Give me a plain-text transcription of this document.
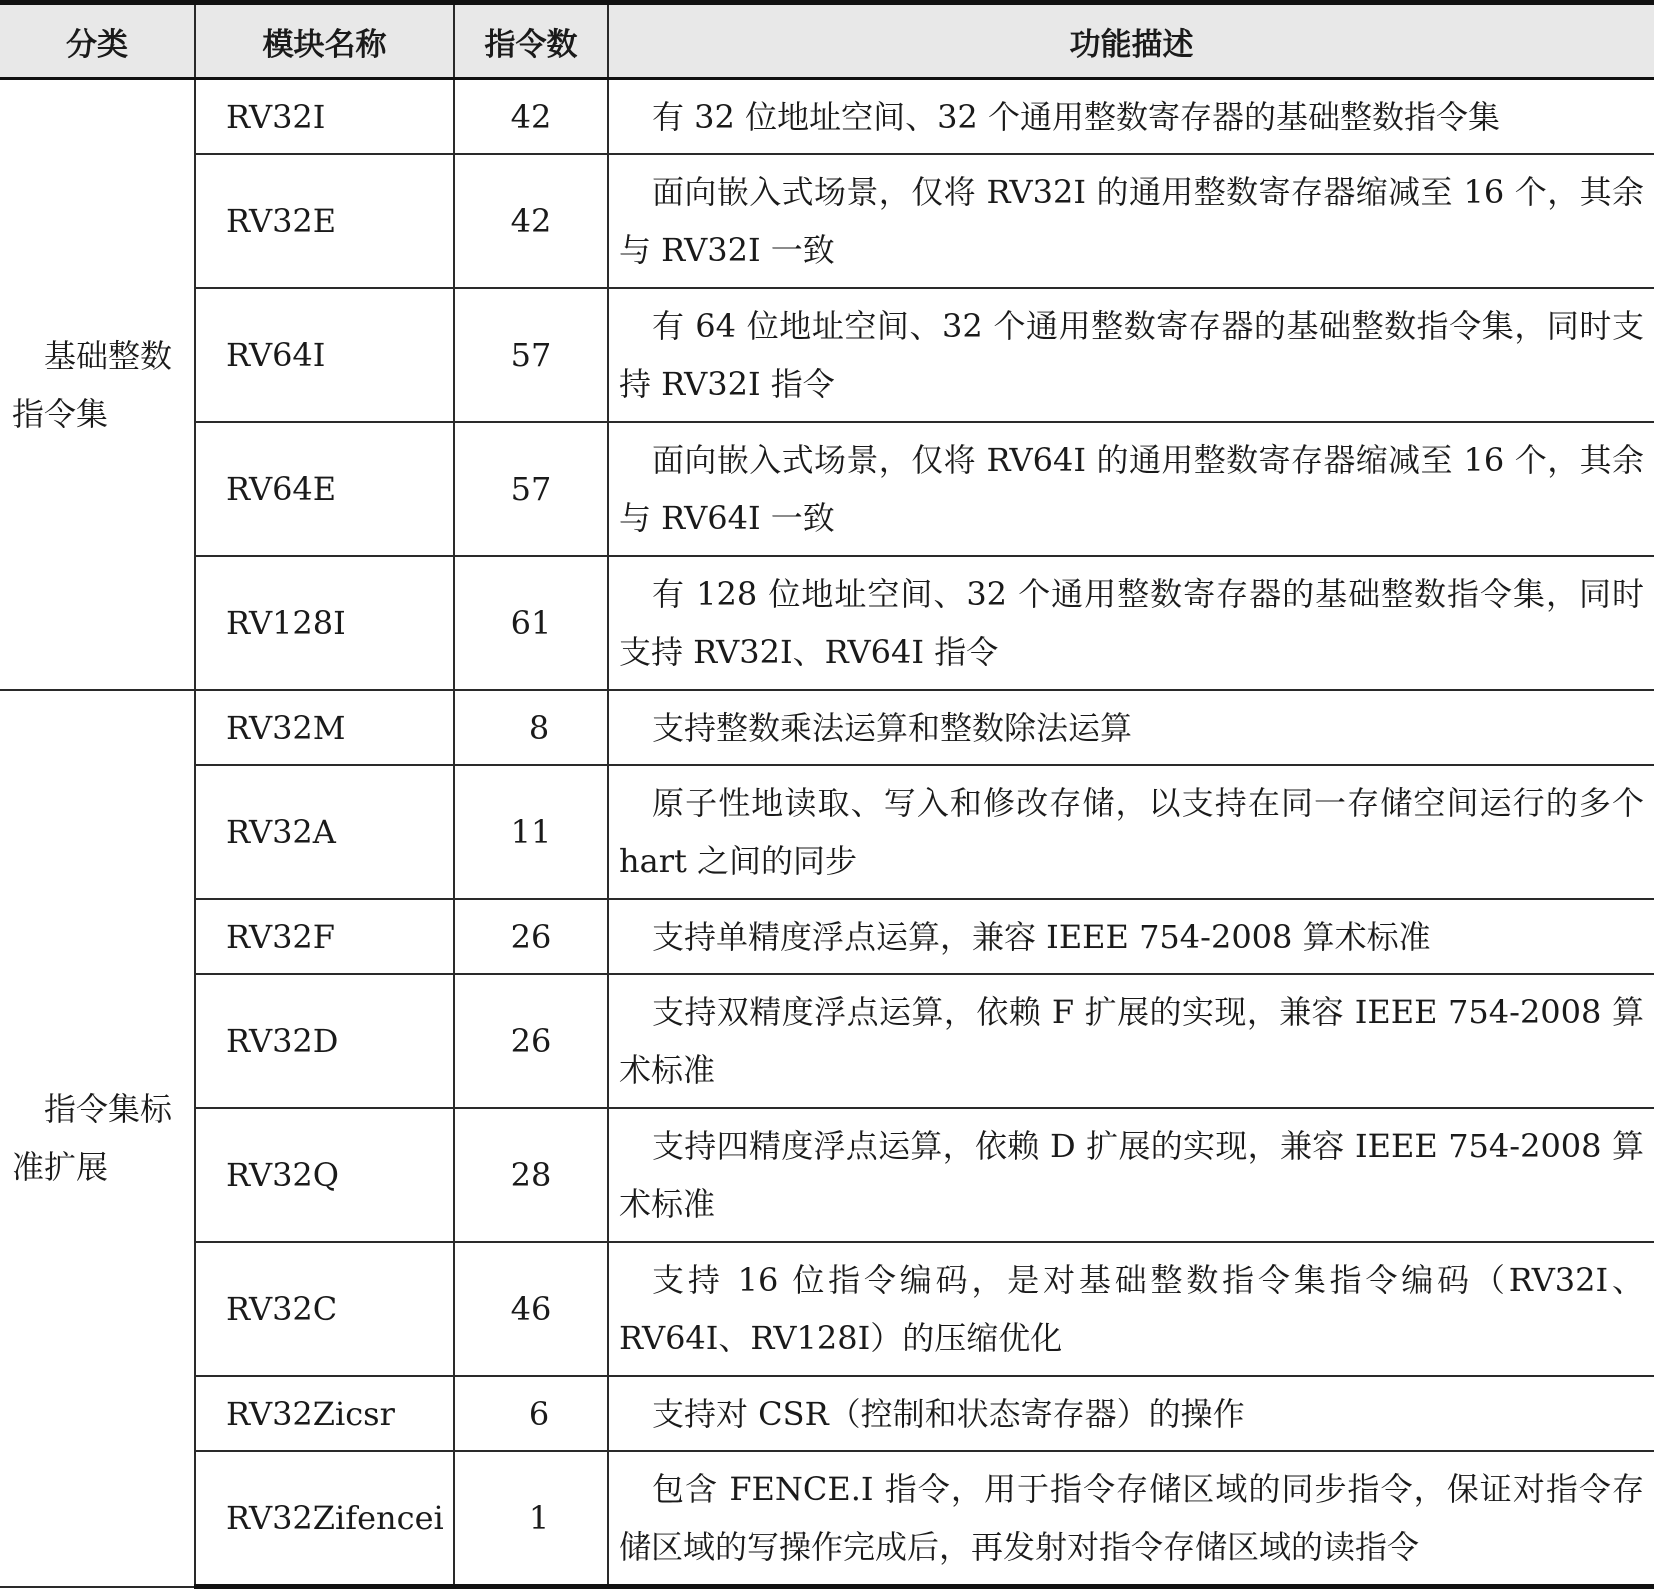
分类	模块名称	指令数	功能描述
基础整数指令集	RV32I	42	有 32 位地址空间、32 个通用整数寄存器的基础整数指令集
	RV32E	42	面向嵌入式场景，仅将 RV32I 的通用整数寄存器缩减至 16 个，其余与 RV32I 一致
	RV64I	57	有 64 位地址空间、32 个通用整数寄存器的基础整数指令集，同时支持 RV32I 指令
	RV64E	57	面向嵌入式场景，仅将 RV64I 的通用整数寄存器缩减至 16 个，其余与 RV64I 一致
	RV128I	61	有 128 位地址空间、32 个通用整数寄存器的基础整数指令集，同时支持 RV32I、RV64I 指令
指令集标准扩展	RV32M	8	支持整数乘法运算和整数除法运算
	RV32A	11	原子性地读取、写入和修改存储，以支持在同一存储空间运行的多个 hart 之间的同步
	RV32F	26	支持单精度浮点运算，兼容 IEEE 754-2008 算术标准
	RV32D	26	支持双精度浮点运算，依赖 F 扩展的实现，兼容 IEEE 754-2008 算术标准
	RV32Q	28	支持四精度浮点运算，依赖 D 扩展的实现，兼容 IEEE 754-2008 算术标准
	RV32C	46	支持 16 位指令编码，是对基础整数指令集指令编码（RV32I、RV64I、RV128I）的压缩优化
	RV32Zicsr	6	支持对 CSR（控制和状态寄存器）的操作
	RV32Zifencei	1	包含 FENCE.I 指令，用于指令存储区域的同步指令，保证对指令存储区域的写操作完成后，再发射对指令存储区域的读指令
